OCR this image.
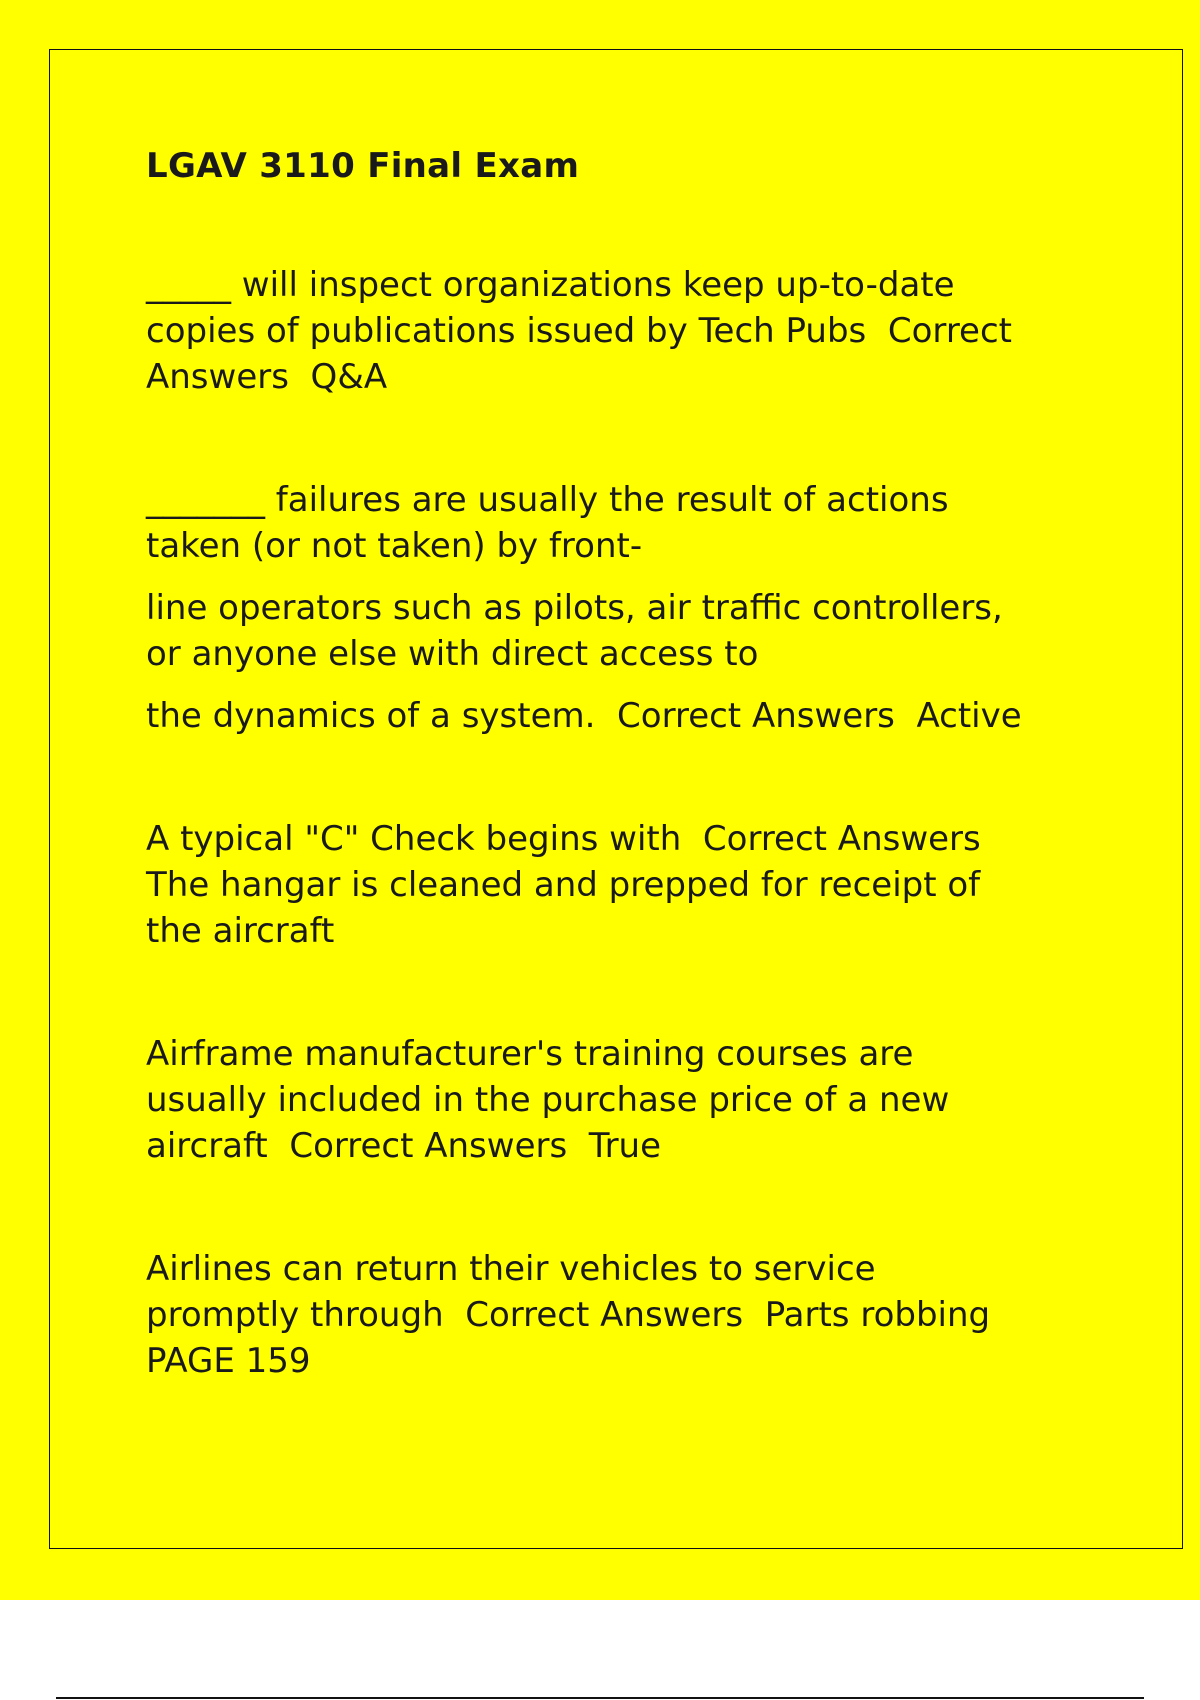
LGAV 3110 Final Exam
_____ will inspect organizations keep up-to-date
copies of publications issued by Tech Pubs  Correct
Answers  Q&A
_______ failures are usually the result of actions
taken (or not taken) by front-
line operators such as pilots, air traffic controllers,
or anyone else with direct access to
the dynamics of a system.  Correct Answers  Active
A typical "C" Check begins with  Correct Answers
The hangar is cleaned and prepped for receipt of
the aircraft
Airframe manufacturer's training courses are
usually included in the purchase price of a new
aircraft  Correct Answers  True
Airlines can return their vehicles to service
promptly through  Correct Answers  Parts robbing
PAGE 159
